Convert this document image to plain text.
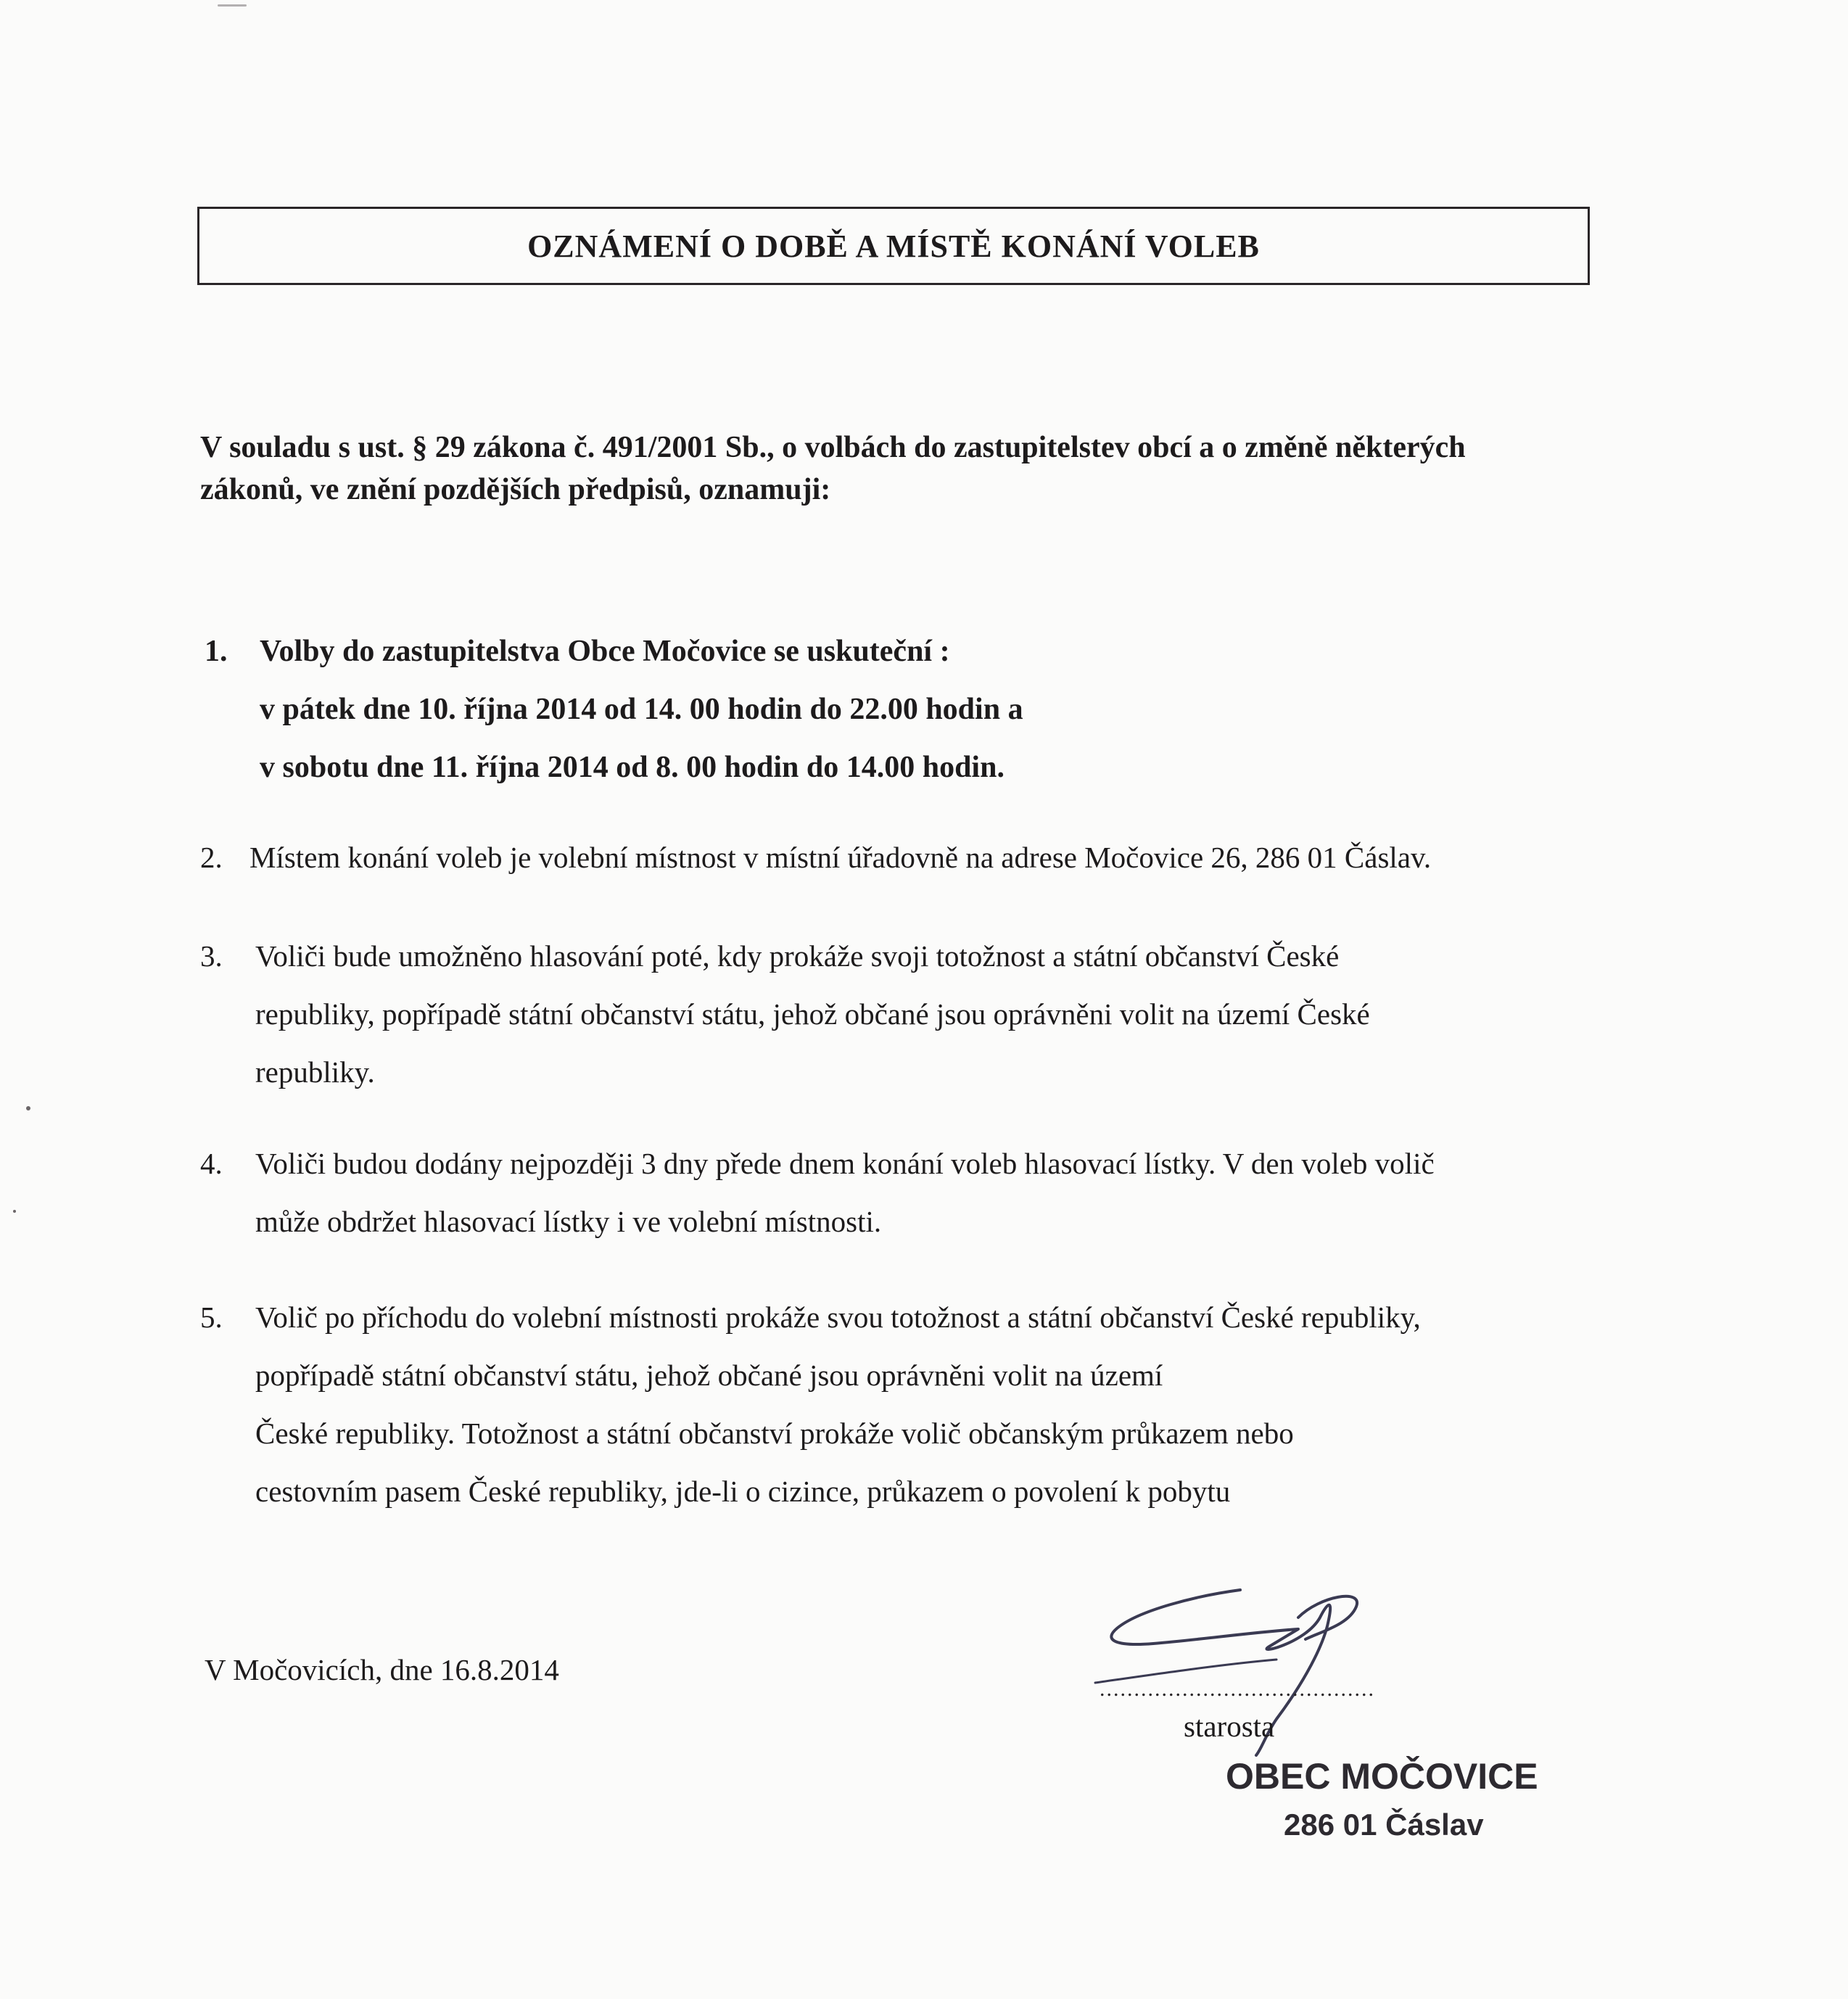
OZNÁMENÍ O DOBĚ A MÍSTĚ KONÁNÍ VOLEB
V souladu s ust. § 29 zákona č. 491/2001 Sb., o volbách do zastupitelstev obcí a o změně některých
zákonů, ve znění pozdějších předpisů, oznamuji:
1. Volby do zastupitelstva Obce Močovice se uskuteční :
v pátek dne 10. října 2014 od 14. 00 hodin do 22.00 hodin a
v sobotu dne 11. října 2014 od 8. 00 hodin do 14.00 hodin.
2. Místem konání voleb je volební místnost v místní úřadovně na adrese Močovice 26, 286 01 Čáslav.
3. Voliči bude umožněno hlasování poté, kdy prokáže svoji totožnost a státní občanství České
republiky, popřípadě státní občanství státu, jehož občané jsou oprávněni volit na území České
republiky.
4. Voliči budou dodány nejpozději 3 dny přede dnem konání voleb hlasovací lístky. V den voleb volič
může obdržet hlasovací lístky i ve volební místnosti.
5. Volič po příchodu do volební místnosti prokáže svou totožnost a státní občanství České republiky,
popřípadě státní občanství státu, jehož občané jsou oprávněni volit na území
České republiky. Totožnost a státní občanství prokáže volič občanským průkazem nebo
cestovním pasem České republiky, jde-li o cizince, průkazem o povolení k pobytu
V Močovicích, dne 16.8.2014
........................................
starosta
OBEC MOČOVICE
286 01 Čáslav
